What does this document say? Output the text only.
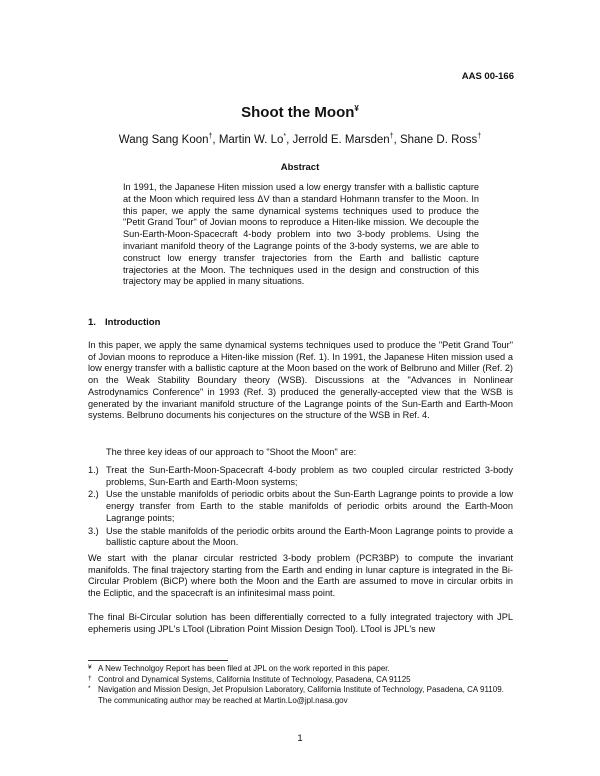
AAS 00-166
Shoot the Moon¥
Wang Sang Koon†, Martin W. Lo*, Jerrold E. Marsden†, Shane D. Ross†
Abstract
In 1991, the Japanese Hiten mission used a low energy transfer with a ballistic capture at the Moon which required less ΔV than a standard Hohmann transfer to the Moon. In this paper, we apply the same dynamical systems techniques used to produce the "Petit Grand Tour" of Jovian moons to reproduce a Hiten-like mission. We decouple the Sun-Earth-Moon-Spacecraft 4-body problem into two 3-body problems. Using the invariant manifold theory of the Lagrange points of the 3-body systems, we are able to construct low energy transfer trajectories from the Earth and ballistic capture trajectories at the Moon. The techniques used in the design and construction of this trajectory may be applied in many situations.
1. Introduction
In this paper, we apply the same dynamical systems techniques used to produce the "Petit Grand Tour" of Jovian moons to reproduce a Hiten-like mission (Ref. 1). In 1991, the Japanese Hiten mission used a low energy transfer with a ballistic capture at the Moon based on the work of Belbruno and Miller (Ref. 2) on the Weak Stability Boundary theory (WSB). Discussions at the "Advances in Nonlinear Astrodynamics Conference" in 1993 (Ref. 3) produced the generally-accepted view that the WSB is generated by the invariant manifold structure of the Lagrange points of the Sun-Earth and Earth-Moon systems. Belbruno documents his conjectures on the structure of the WSB in Ref. 4.
The three key ideas of our approach to "Shoot the Moon" are:
1.) Treat the Sun-Earth-Moon-Spacecraft 4-body problem as two coupled circular restricted 3-body problems, Sun-Earth and Earth-Moon systems;
2.) Use the unstable manifolds of periodic orbits about the Sun-Earth Lagrange points to provide a low energy transfer from Earth to the stable manifolds of periodic orbits around the Earth-Moon Lagrange points;
3.) Use the stable manifolds of the periodic orbits around the Earth-Moon Lagrange points to provide a ballistic capture about the Moon.
We start with the planar circular restricted 3-body problem (PCR3BP) to compute the invariant manifolds. The final trajectory starting from the Earth and ending in lunar capture is integrated in the Bi-Circular Problem (BiCP) where both the Moon and the Earth are assumed to move in circular orbits in the Ecliptic, and the spacecraft is an infinitesimal mass point.
The final Bi-Circular solution has been differentially corrected to a fully integrated trajectory with JPL ephemeris using JPL's LTool (Libration Point Mission Design Tool). LTool is JPL's new
¥ A New Technolgoy Report has been filed at JPL on the work reported in this paper.
† Control and Dynamical Systems, California Institute of Technology, Pasadena, CA 91125
* Navigation and Mission Design, Jet Propulsion Laboratory, California Institute of Technology, Pasadena, CA 91109. The communicating author may be reached at Martin.Lo@jpl.nasa.gov
1
